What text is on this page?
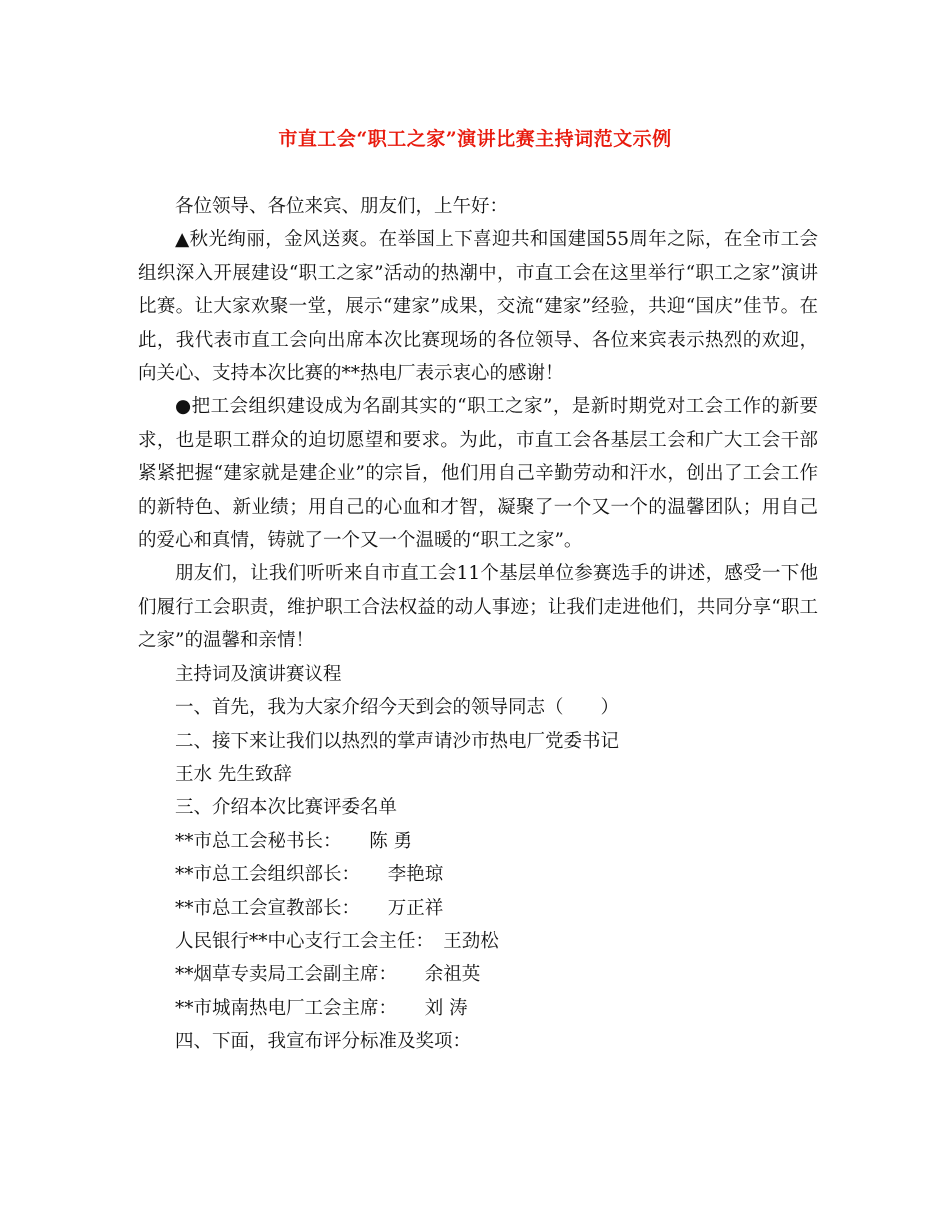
市直工会“职工之家”演讲比赛主持词范文示例

各位领导、各位来宾、朋友们，上午好：

▲秋光绚丽，金风送爽。在举国上下喜迎共和国建国55周年之际，在全市工会组织深入开展建设“职工之家”活动的热潮中，市直工会在这里举行“职工之家”演讲比赛。让大家欢聚一堂，展示“建家”成果，交流“建家”经验，共迎“国庆”佳节。在此，我代表市直工会向出席本次比赛现场的各位领导、各位来宾表示热烈的欢迎，向关心、支持本次比赛的**热电厂表示衷心的感谢！

●把工会组织建设成为名副其实的“职工之家”，是新时期党对工会工作的新要求，也是职工群众的迫切愿望和要求。为此，市直工会各基层工会和广大工会干部紧紧把握“建家就是建企业”的宗旨，他们用自己辛勤劳动和汗水，创出了工会工作的新特色、新业绩；用自己的心血和才智，凝聚了一个又一个的温馨团队；用自己的爱心和真情，铸就了一个又一个温暖的“职工之家”。

朋友们，让我们听听来自市直工会11个基层单位参赛选手的讲述，感受一下他们履行工会职责，维护职工合法权益的动人事迹；让我们走进他们，共同分享“职工之家”的温馨和亲情！

主持词及演讲赛议程

一、首先，我为大家介绍今天到会的领导同志（　　）

二、接下来让我们以热烈的掌声请沙市热电厂党委书记

王水 先生致辞

三、介绍本次比赛评委名单

**市总工会秘书长：　　陈 勇

**市总工会组织部长：　　李艳琼

**市总工会宣教部长：　　万正祥

人民银行**中心支行工会主任：　王劲松

**烟草专卖局工会副主席：　　余祖英

**市城南热电厂工会主席：　　刘 涛

四、下面，我宣布评分标准及奖项：
